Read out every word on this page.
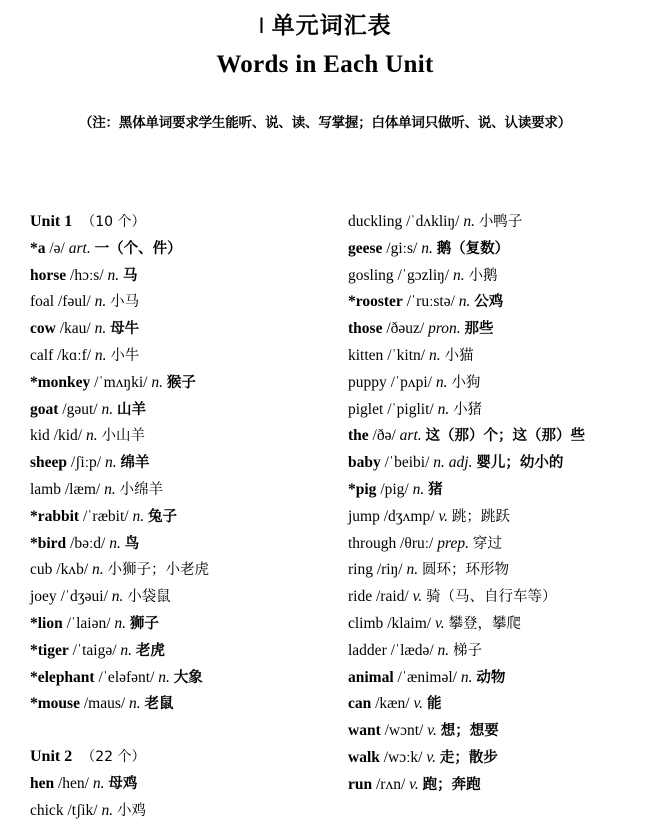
Ⅰ 单元词汇表
Words in Each Unit

（注：黑体单词要求学生能听、说、读、写掌握；白体单词只做听、说、认读要求）

Unit 1 （10 个）
*a /ə/ art. 一（个、件）
horse /hɔːs/ n. 马
foal /fəul/ n. 小马
cow /kau/ n. 母牛
calf /kɑːf/ n. 小牛
*monkey /ˈmʌŋki/ n. 猴子
goat /gəut/ n. 山羊
kid /kid/ n. 小山羊
sheep /ʃiːp/ n. 绵羊
lamb /læm/ n. 小绵羊
*rabbit /ˈræbit/ n. 兔子
*bird /bəːd/ n. 鸟
cub /kʌb/ n. 小狮子；小老虎
joey /ˈdʒəui/ n. 小袋鼠
*lion /ˈlaiən/ n. 狮子
*tiger /ˈtaigə/ n. 老虎
*elephant /ˈeləfənt/ n. 大象
*mouse /maus/ n. 老鼠
Unit 2 （22 个）
hen /hen/ n. 母鸡
chick /tʃik/ n. 小鸡
duckling /ˈdʌkliŋ/ n. 小鸭子
geese /giːs/ n. 鹅（复数）
gosling /ˈgɔzliŋ/ n. 小鹅
*rooster /ˈruːstə/ n. 公鸡
those /ðəuz/ pron. 那些
kitten /ˈkitn/ n. 小猫
puppy /ˈpʌpi/ n. 小狗
piglet /ˈpiglit/ n. 小猪
the /ðə/ art. 这（那）个；这（那）些
baby /ˈbeibi/ n. adj. 婴儿；幼小的
*pig /pig/ n. 猪
jump /dʒʌmp/ v. 跳；跳跃
through /θruː/ prep. 穿过
ring /riŋ/ n. 圆环；环形物
ride /raid/ v. 骑（马、自行车等）
climb /klaim/ v. 攀登，攀爬
ladder /ˈlædə/ n. 梯子
animal /ˈæniməl/ n. 动物
can /kæn/ v. 能
want /wɔnt/ v. 想；想要
walk /wɔːk/ v. 走；散步
run /rʌn/ v. 跑；奔跑
